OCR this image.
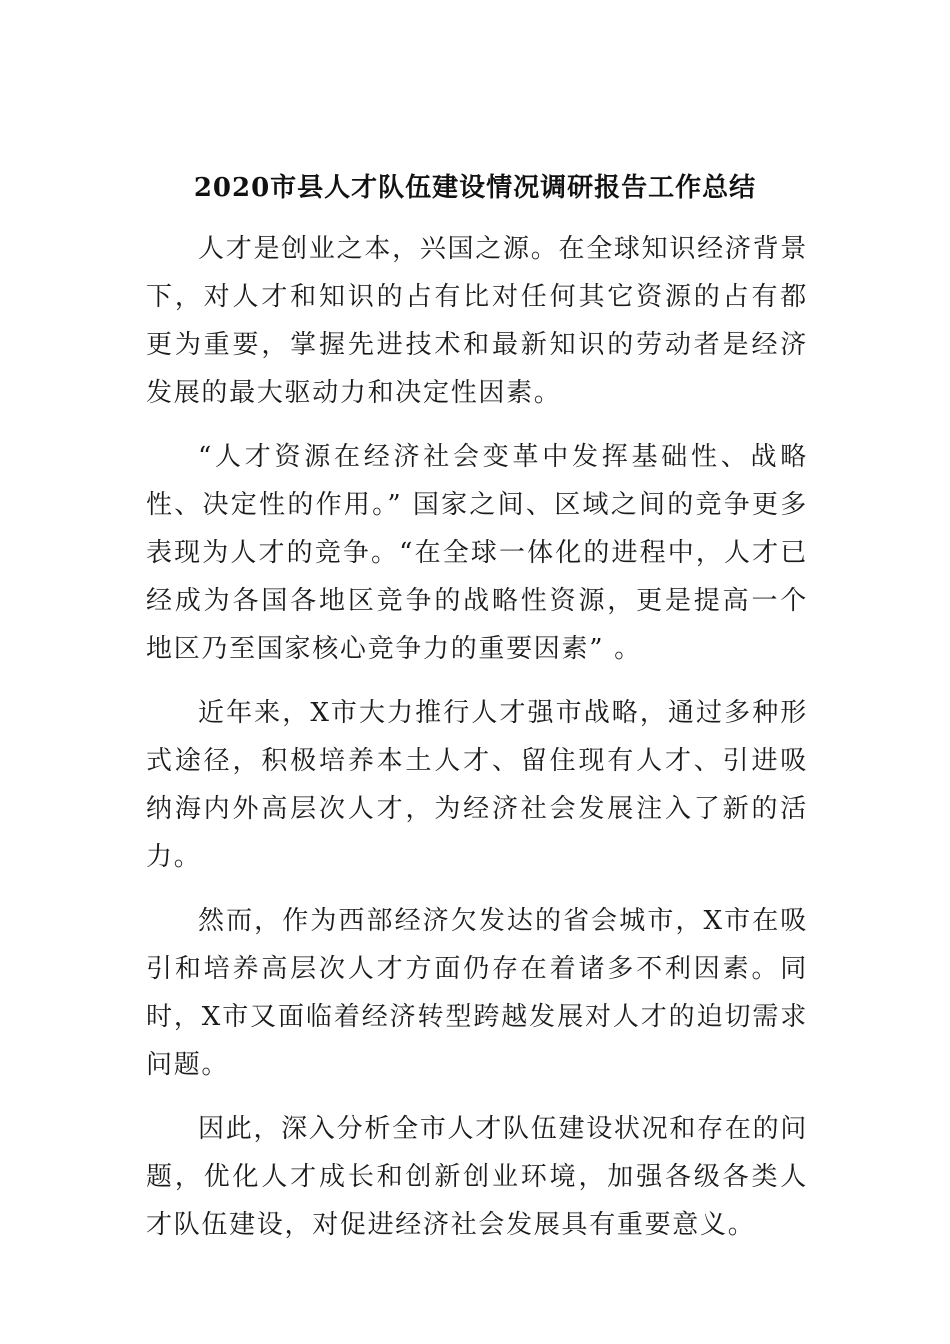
2020市县人才队伍建设情况调研报告工作总结

人才是创业之本，兴国之源。在全球知识经济背景下，对人才和知识的占有比对任何其它资源的占有都更为重要，掌握先进技术和最新知识的劳动者是经济发展的最大驱动力和决定性因素。

“人才资源在经济社会变革中发挥基础性、战略性、决定性的作用。” 国家之间、区域之间的竞争更多表现为人才的竞争。“在全球一体化的进程中，人才已经成为各国各地区竞争的战略性资源，更是提高一个地区乃至国家核心竞争力的重要因素” 。

近年来，X市大力推行人才强市战略，通过多种形式途径，积极培养本土人才、留住现有人才、引进吸纳海内外高层次人才，为经济社会发展注入了新的活力。

然而，作为西部经济欠发达的省会城市，X市在吸引和培养高层次人才方面仍存在着诸多不利因素。同时，X市又面临着经济转型跨越发展对人才的迫切需求问题。

因此，深入分析全市人才队伍建设状况和存在的问题，优化人才成长和创新创业环境，加强各级各类人才队伍建设，对促进经济社会发展具有重要意义。
